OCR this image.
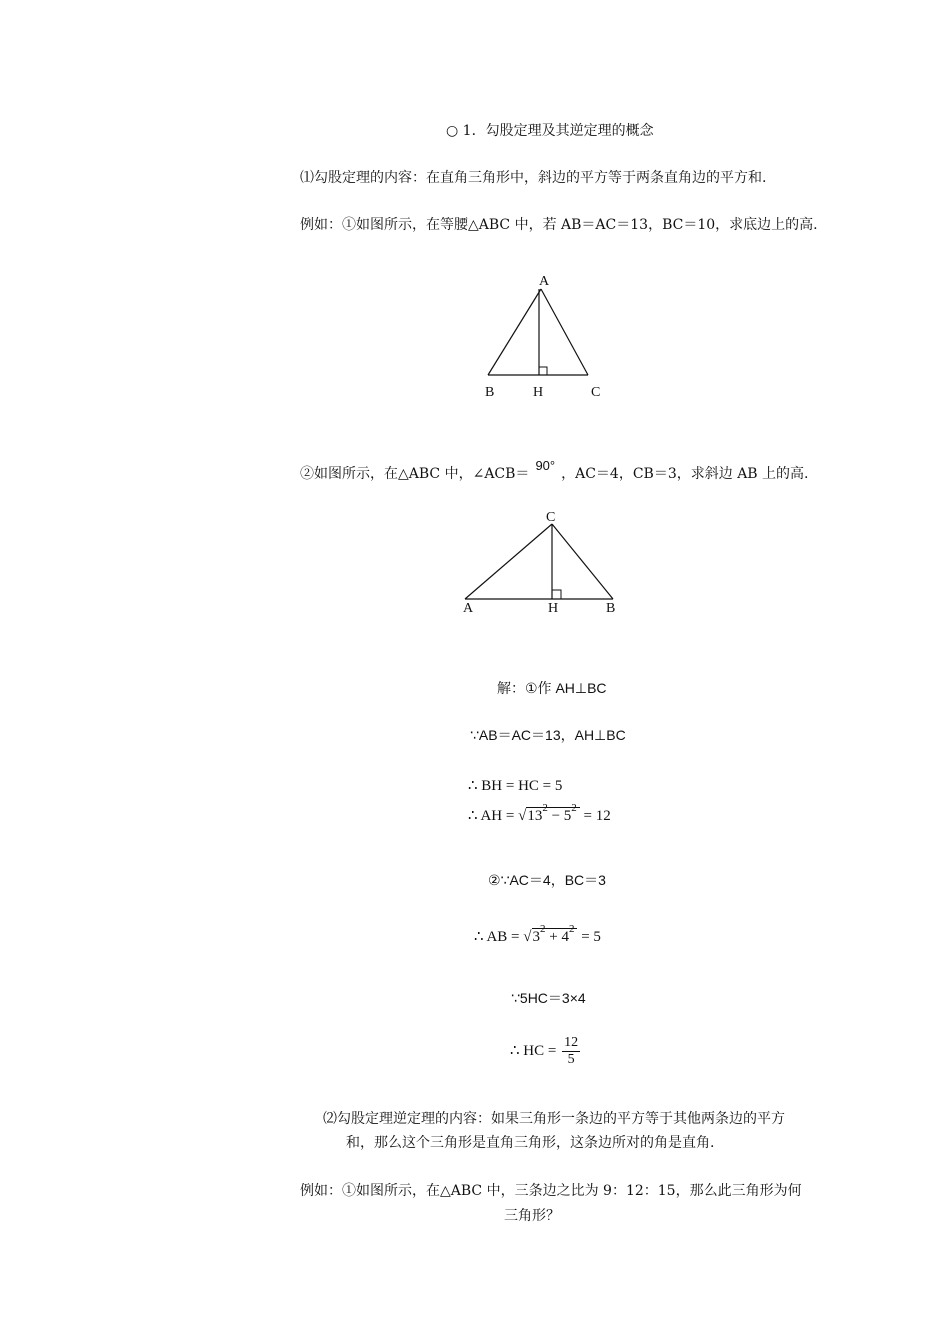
○ 1．勾股定理及其逆定理的概念
⑴勾股定理的内容：在直角三角形中，斜边的平方等于两条直角边的平方和.
例如：①如图所示，在等腰△ABC 中，若 AB＝AC＝13，BC＝10，求底边上的高.
A
B	H	C
②如图所示，在△ABC 中，∠ACB＝90°，AC＝4，CB＝3，求斜边 AB 上的高.
C
A	H	B
解：①作 AH⊥BC
∵AB＝AC＝13，AH⊥BC
∴ BH = HC = 5
∴ AH = $√13^2 - 5^2 = 12$
②∵AC＝4，BC＝3
∴ AB = $√3^2 + 4^2 = 5$
∵5HC＝3×4
∴ HC = $\frac{12}{5}$
⑵勾股定理逆定理的内容：如果三角形一条边的平方等于其他两条边的平方
和，那么这个三角形是直角三角形，这条边所对的角是直角.
例如：①如图所示，在△ABC 中，三条边之比为 9：12：15，那么此三角形为何
三角形？
